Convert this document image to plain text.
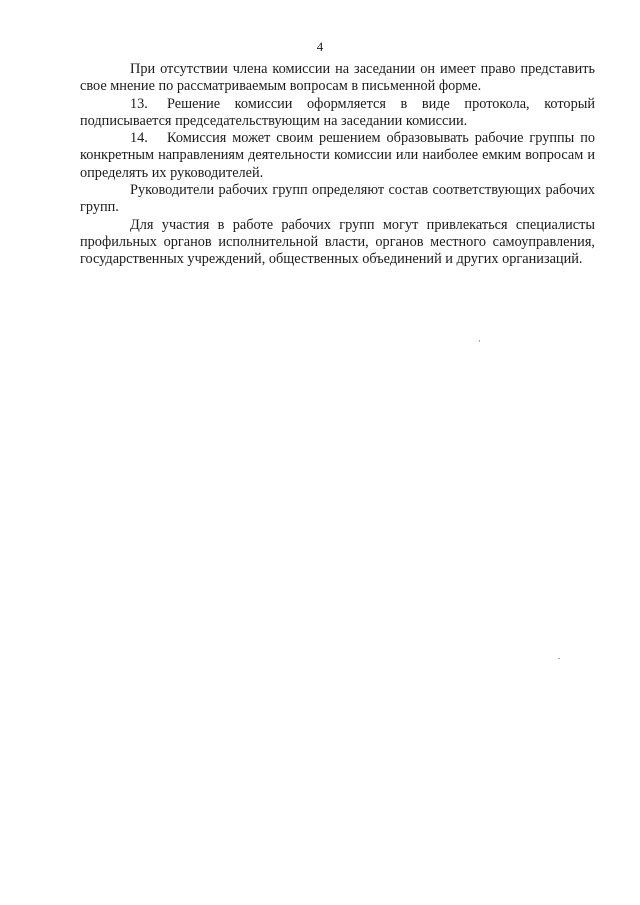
4

При отсутствии члена комиссии на заседании он имеет право представить свое мнение по рассматриваемым вопросам в письменной форме.

13. Решение комиссии оформляется в виде протокола, который подписывается председательствующим на заседании комиссии.

14. Комиссия может своим решением образовывать рабочие группы по конкретным направлениям деятельности комиссии или наиболее емким вопросам и определять их руководителей.

Руководители рабочих групп определяют состав соответствующих рабочих групп.

Для участия в работе рабочих групп могут привлекаться специалисты профильных органов исполнительной власти, органов местного самоуправления, государственных учреждений, общественных объединений и других организаций.
